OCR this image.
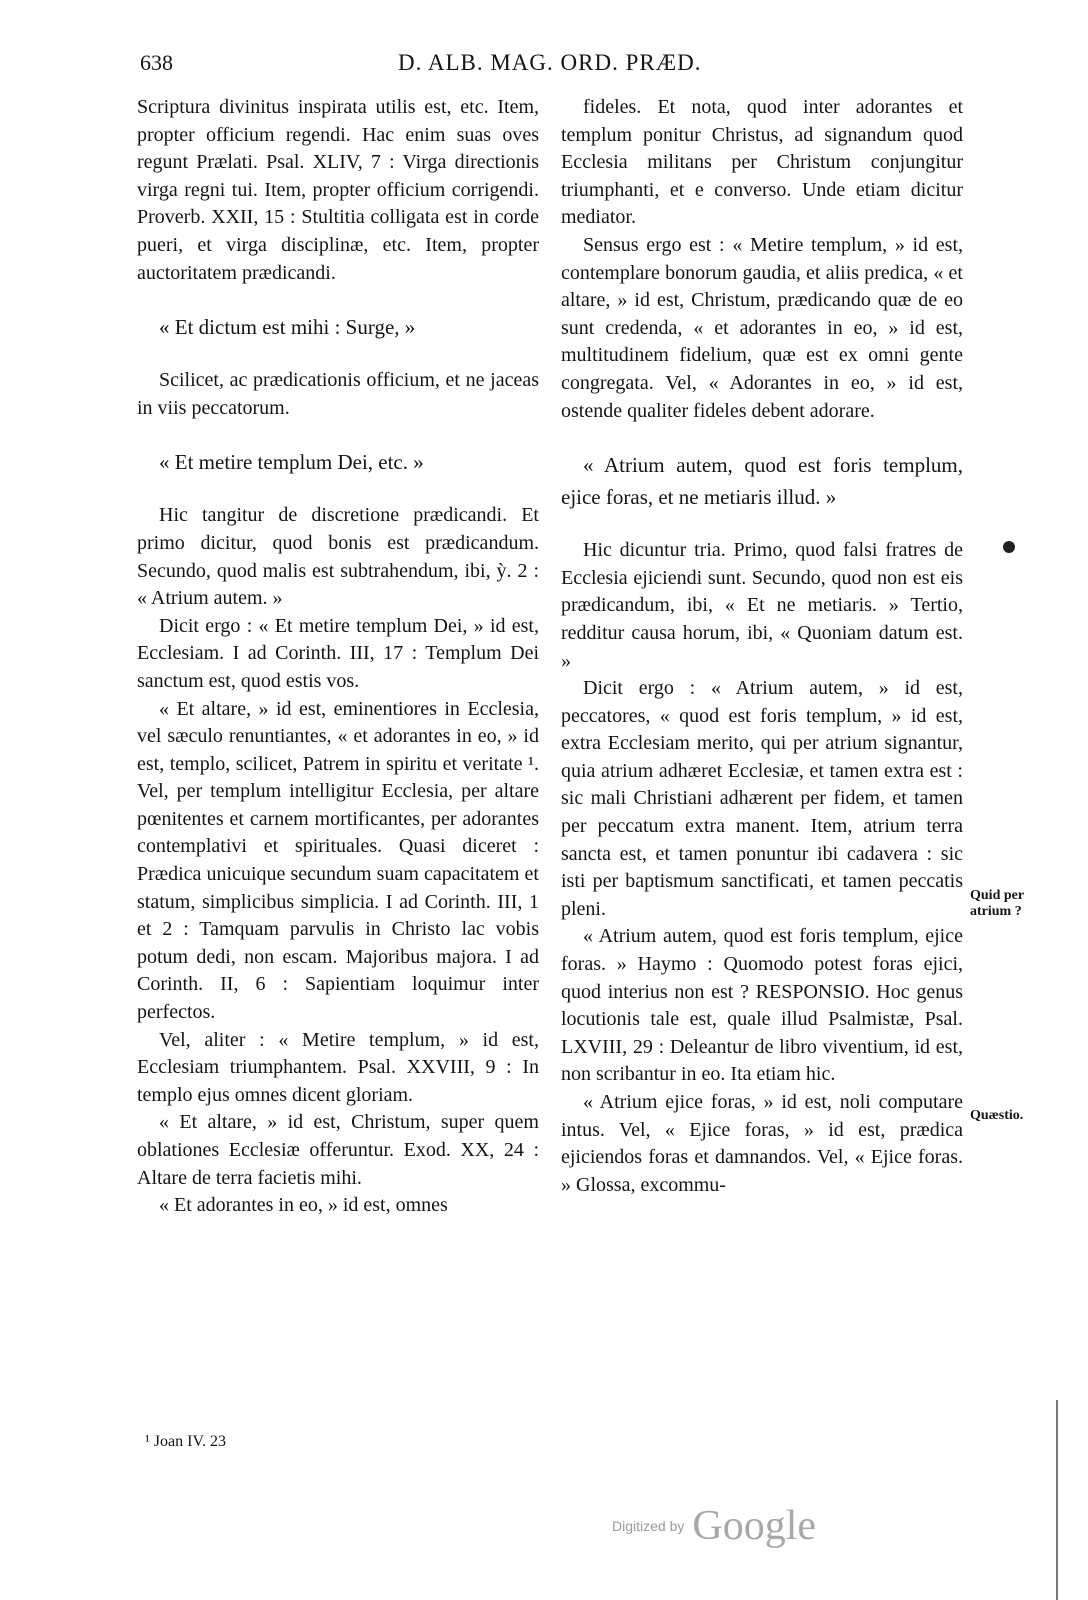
638	D. ALB. MAG. ORD. PRÆD.

Scriptura divinitus inspirata utilis est, etc. Item, propter officium regendi. Hac enim suas oves regunt Prælati. Psal. XLIV, 7 : Virga directionis virga regni tui. Item, propter officium corrigendi. Proverb. XXII, 15 : Stultitia colligata est in corde pueri, et virga disciplinæ, etc. Item, propter auctoritatem prædicandi.

« Et dictum est mihi : Surge, »

Scilicet, ac prædicationis officium, et ne jaceas in viis peccatorum.

« Et metire templum Dei, etc. »

Hic tangitur de discretione prædicandi. Et primo dicitur, quod bonis est prædicandum. Secundo, quod malis est subtrahendum, ibi, ỳ. 2 : « Atrium autem. »

Dicit ergo : « Et metire templum Dei, » id est, Ecclesiam. I ad Corinth. III, 17 : Templum Dei sanctum est, quod estis vos.

« Et altare, » id est, eminentiores in Ecclesia, vel sæculo renuntiantes, « et adorantes in eo, » id est, templo, scilicet, Patrem in spiritu et veritate ¹. Vel, per templum intelligitur Ecclesia, per altare pœnitentes et carnem mortificantes, per adorantes contemplativi et spirituales. Quasi diceret : Prædica unicuique secundum suam capacitatem et statum, simplicibus simplicia. I ad Corinth. III, 1 et 2 : Tamquam parvulis in Christo lac vobis potum dedi, non escam. Majoribus majora. I ad Corinth. II, 6 : Sapientiam loquimur inter perfectos.

Vel, aliter : « Metire templum, » id est, Ecclesiam triumphantem. Psal. XXVIII, 9 : In templo ejus omnes dicent gloriam.

« Et altare, » id est, Christum, super quem oblationes Ecclesiæ offeruntur. Exod. XX, 24 : Altare de terra facietis mihi.

« Et adorantes in eo, » id est, omnes

fideles. Et nota, quod inter adorantes et templum ponitur Christus, ad signandum quod Ecclesia militans per Christum conjungitur triumphanti, et e converso. Unde etiam dicitur mediator.

Sensus ergo est : « Metire templum, » id est, contemplare bonorum gaudia, et aliis predica, « et altare, » id est, Christum, prædicando quæ de eo sunt credenda, « et adorantes in eo, » id est, multitudinem fidelium, quæ est ex omni gente congregata. Vel, « Adorantes in eo, » id est, ostende qualiter fideles debent adorare.

« Atrium autem, quod est foris templum, ejice foras, et ne metiaris illud. »

Hic dicuntur tria. Primo, quod falsi fratres de Ecclesia ejiciendi sunt. Secundo, quod non est eis prædicandum, ibi, « Et ne metiaris. » Tertio, redditur causa horum, ibi, « Quoniam datum est. »

Dicit ergo : « Atrium autem, » id est, peccatores, « quod est foris templum, » id est, extra Ecclesiam merito, qui per atrium signantur, quia atrium adhæret Ecclesiæ, et tamen extra est : sic mali Christiani adhærent per fidem, et tamen per peccatum extra manent. Item, atrium terra sancta est, et tamen ponuntur ibi cadavera : sic isti per baptismum sanctificati, et tamen peccatis pleni.

« Atrium autem, quod est foris templum, ejice foras. » Haymo : Quomodo potest foras ejici, quod interius non est ? RESPONSIO. Hoc genus locutionis tale est, quale illud Psalmistæ, Psal. LXVIII, 29 : Deleantur de libro viventium, id est, non scribantur in eo. Ita etiam hic.

« Atrium ejice foras, » id est, noli computare intus. Vel, « Ejice foras, » id est, prædica ejiciendos foras et damnandos. Vel, « Ejice foras. » Glossa, excommu-

Quid per atrium ?
Quæstio.
¹ Joan IV. 23
Digitized by Google
